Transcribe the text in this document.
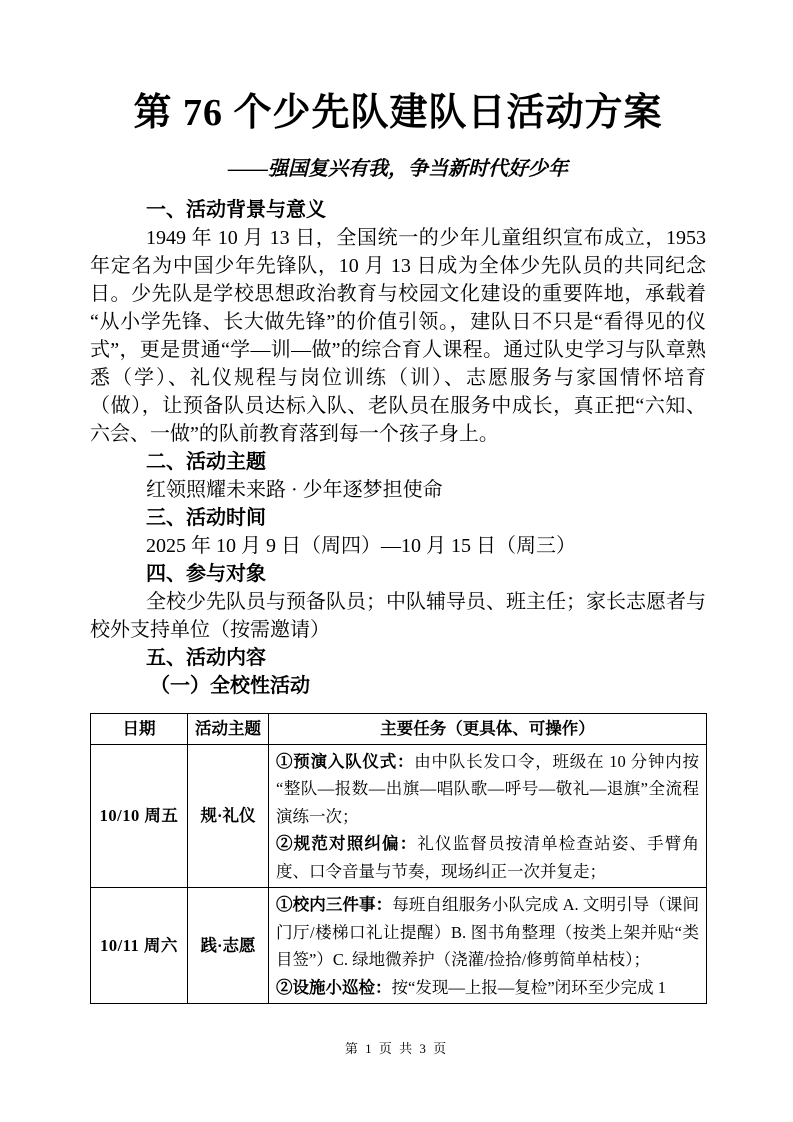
第 76 个少先队建队日活动方案
——强国复兴有我，争当新时代好少年
一、活动背景与意义

1949 年 10 月 13 日，全国统一的少年儿童组织宣布成立，1953 年定名为中国少年先锋队，10 月 13 日成为全体少先队员的共同纪念日。少先队是学校思想政治教育与校园文化建设的重要阵地，承载着“从小学先锋、长大做先锋”的价值引领。，建队日不只是“看得见的仪式”，更是贯通“学—训—做”的综合育人课程。通过队史学习与队章熟悉（学）、礼仪规程与岗位训练（训）、志愿服务与家国情怀培育（做），让预备队员达标入队、老队员在服务中成长，真正把“六知、六会、一做”的队前教育落到每一个孩子身上。

二、活动主题

红领照耀未来路 · 少年逐梦担使命

三、活动时间

2025 年 10 月 9 日（周四）—10 月 15 日（周三）

四、参与对象

全校少先队员与预备队员；中队辅导员、班主任；家长志愿者与校外支持单位（按需邀请）

五、活动内容
（一）全校性活动
日期	活动主题	主要任务（更具体、可操作）
10/10 周五	规·礼仪	①预演入队仪式：由中队长发口令，班级在 10 分钟内按“整队—报数—出旗—唱队歌—呼号—敬礼—退旗”全流程演练一次；
②规范对照纠偏：礼仪监督员按清单检查站姿、手臂角度、口令音量与节奏，现场纠正一次并复走；

10/11 周六	践·志愿	①校内三件事：每班自组服务小队完成 A. 文明引导（课间门厅/楼梯口礼让提醒）B. 图书角整理（按类上架并贴“类目签”）C. 绿地微养护（浇灌/捡拾/修剪简单枯枝）；
②设施小巡检：按“发现—上报—复检”闭环至少完成 1
第 1 页 共 3 页
